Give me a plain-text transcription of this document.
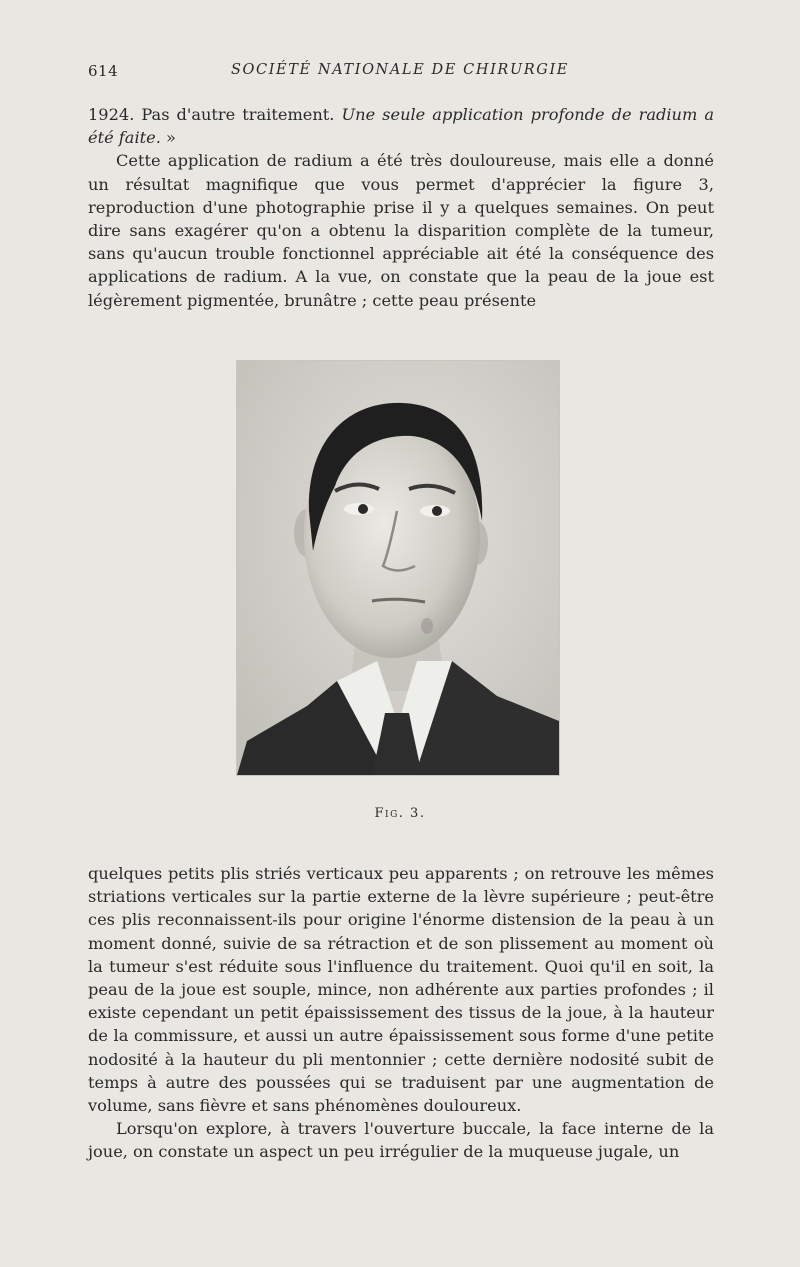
614	SOCIÉTÉ NATIONALE DE CHIRURGIE

1924. Pas d'autre traitement. Une seule application profonde de radium a été faite. »

Cette application de radium a été très douloureuse, mais elle a donné un résultat magnifique que vous permet d'apprécier la figure 3, reproduction d'une photographie prise il y a quelques semaines. On peut dire sans exagérer qu'on a obtenu la disparition complète de la tumeur, sans qu'aucun trouble fonctionnel appréciable ait été la conséquence des applications de radium. A la vue, on constate que la peau de la joue est légèrement pigmentée, brunâtre ; cette peau présente

Fig. 3.

quelques petits plis striés verticaux peu apparents ; on retrouve les mêmes striations verticales sur la partie externe de la lèvre supérieure ; peut-être ces plis reconnaissent-ils pour origine l'énorme distension de la peau à un moment donné, suivie de sa rétraction et de son plissement au moment où la tumeur s'est réduite sous l'influence du traitement. Quoi qu'il en soit, la peau de la joue est souple, mince, non adhérente aux parties profondes ; il existe cependant un petit épaississement des tissus de la joue, à la hauteur de la commissure, et aussi un autre épaississement sous forme d'une petite nodosité à la hauteur du pli mentonnier ; cette dernière nodosité subit de temps à autre des poussées qui se traduisent par une augmentation de volume, sans fièvre et sans phénomènes douloureux.

Lorsqu'on explore, à travers l'ouverture buccale, la face interne de la joue, on constate un aspect un peu irrégulier de la muqueuse jugale, un
